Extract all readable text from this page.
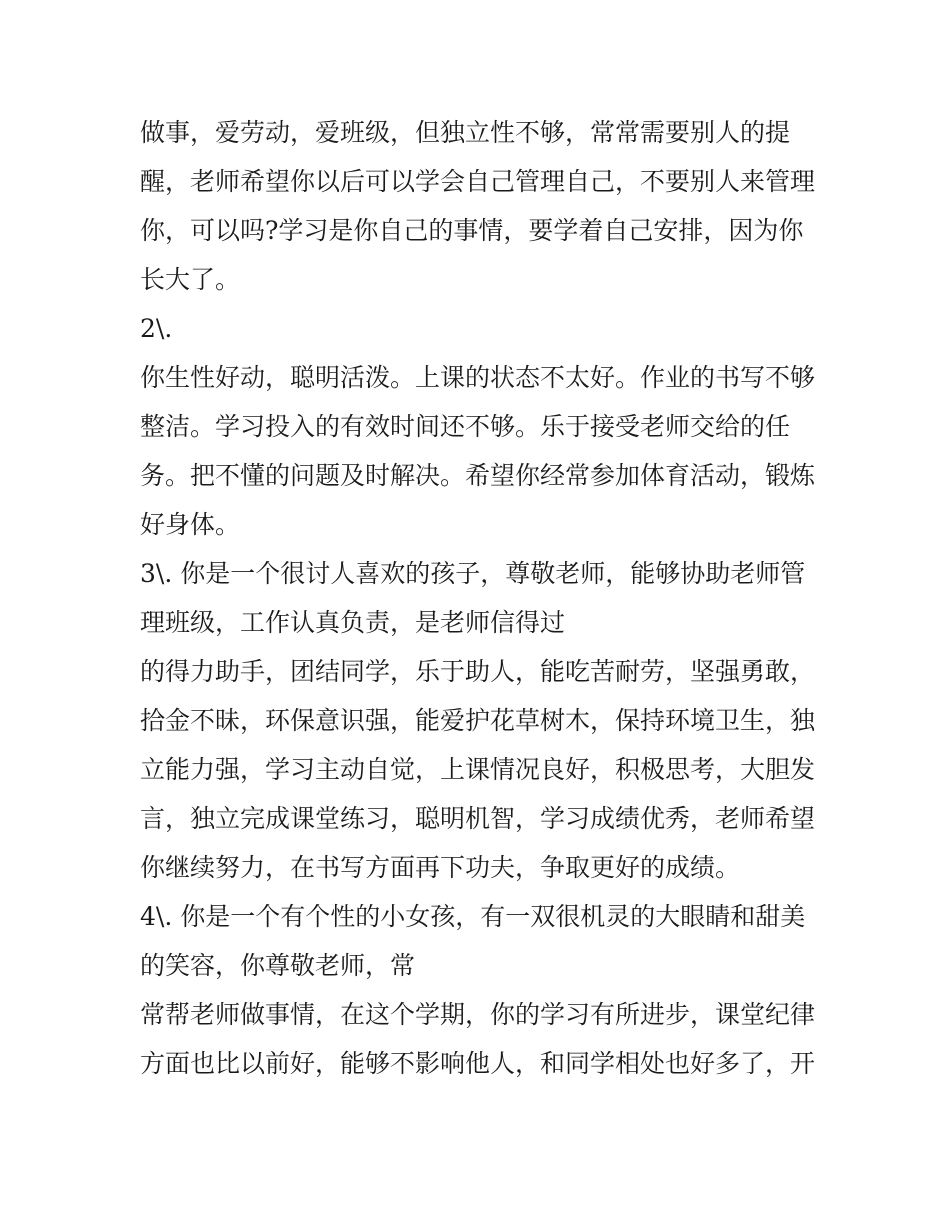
做事，爱劳动，爱班级，但独立性不够，常常需要别人的提
醒，老师希望你以后可以学会自己管理自己，不要别人来管理
你，可以吗?学习是你自己的事情，要学着自己安排，因为你
长大了。
2\.
你生性好动，聪明活泼。上课的状态不太好。作业的书写不够
整洁。学习投入的有效时间还不够。乐于接受老师交给的任
务。把不懂的问题及时解决。希望你经常参加体育活动，锻炼
好身体。
3\. 你是一个很讨人喜欢的孩子，尊敬老师，能够协助老师管
理班级，工作认真负责，是老师信得过
的得力助手，团结同学，乐于助人，能吃苦耐劳，坚强勇敢，
拾金不昧，环保意识强，能爱护花草树木，保持环境卫生，独
立能力强，学习主动自觉，上课情况良好，积极思考，大胆发
言，独立完成课堂练习，聪明机智，学习成绩优秀，老师希望
你继续努力，在书写方面再下功夫，争取更好的成绩。
4\. 你是一个有个性的小女孩，有一双很机灵的大眼睛和甜美
的笑容，你尊敬老师，常
常帮老师做事情，在这个学期，你的学习有所进步，课堂纪律
方面也比以前好，能够不影响他人，和同学相处也好多了，开
